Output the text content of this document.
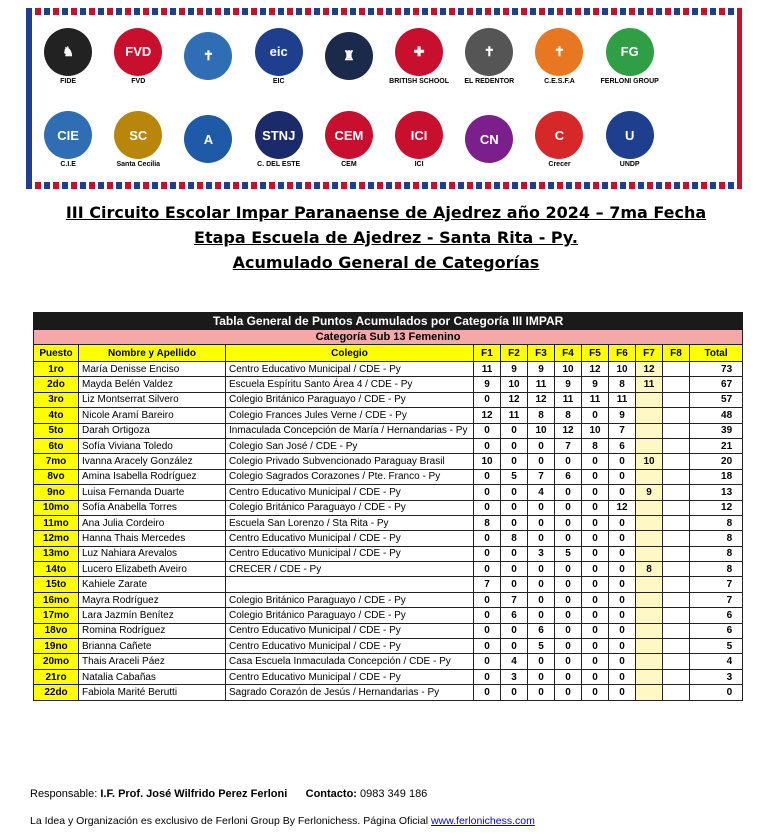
♞
FIDE
FVD
FVD
✝	eic
EIC
♜	✚
BRITISH SCHOOL
✝
EL REDENTOR
✝
C.E.S.F.A
FG
FERLONI GROUP
CIE
C.I.E
SC
Santa Cecilia
A	STNJ
C. DEL ESTE
CEM
CEM
ICI
ICI
CN	C
Crecer
U
UNDP
III Circuito Escolar Impar Paranaense de Ajedrez año 2024 – 7ma Fecha
Etapa Escuela de Ajedrez - Santa Rita - Py.
Acumulado General de Categorías
Tabla General de Puntos Acumulados por Categoría III IMPAR											
Categoría Sub 13 Femenino											
Puesto	Nombre y Apellido	Colegio	F1	F2	F3	F4	F5	F6	F7	F8	Total
1ro	María Denisse Enciso	Centro Educativo Municipal / CDE - Py	11	9	9	10	12	10	12		73
2do	Mayda Belén Valdez	Escuela Espíritu Santo Área 4 / CDE - Py	9	10	11	9	9	8	11		67
3ro	Liz Montserrat Silvero	Colegio Británico Paraguayo / CDE - Py	0	12	12	11	11	11			57
4to	Nicole Aramí Bareiro	Colegio Frances Jules Verne / CDE - Py	12	11	8	8	0	9			48
5to	Darah Ortigoza	Inmaculada Concepción de María / Hernandarias - Py	0	0	10	12	10	7			39
6to	Sofía Viviana Toledo	Colegio San José / CDE - Py	0	0	0	7	8	6			21
7mo	Ivanna Aracely González	Colegio Privado Subvencionado Paraguay Brasil	10	0	0	0	0	0	10		20
8vo	Amina Isabella Rodríguez	Colegio Sagrados Corazones / Pte. Franco - Py	0	5	7	6	0	0			18
9no	Luisa Fernanda Duarte	Centro Educativo Municipal / CDE - Py	0	0	4	0	0	0	9		13
10mo	Sofía Anabella Torres	Colegio Británico Paraguayo / CDE - Py	0	0	0	0	0	12			12
11mo	Ana Julia Cordeiro	Escuela San Lorenzo / Sta Rita - Py	8	0	0	0	0	0			8
12mo	Hanna Thais Mercedes	Centro Educativo Municipal / CDE - Py	0	8	0	0	0	0			8
13mo	Luz Nahiara Arevalos	Centro Educativo Municipal / CDE - Py	0	0	3	5	0	0			8
14to	Lucero Elizabeth Aveiro	CRECER / CDE - Py	0	0	0	0	0	0	8		8
15to	Kahiele Zarate		7	0	0	0	0	0			7
16mo	Mayra Rodríguez	Colegio Británico Paraguayo / CDE - Py	0	7	0	0	0	0			7
17mo	Lara Jazmín Benítez	Colegio Británico Paraguayo / CDE - Py	0	6	0	0	0	0			6
18vo	Romina Rodríguez	Centro Educativo Municipal / CDE - Py	0	0	6	0	0	0			6
19no	Brianna Cañete	Centro Educativo Municipal / CDE - Py	0	0	5	0	0	0			5
20mo	Thais Araceli Páez	Casa Escuela Inmaculada Concepción / CDE - Py	0	4	0	0	0	0			4
21ro	Natalia Cabañas	Centro Educativo Municipal / CDE - Py	0	3	0	0	0	0			3
22do	Fabiola Marité Berutti	Sagrado Corazón de Jesús / Hernandarias - Py	0	0	0	0	0	0			0
Responsable: I.F. Prof. José Wilfrido Perez Ferloni Contacto: 0983 349 186
La Idea y Organización es exclusivo de Ferloni Group By Ferlonichess. Página Oficial www.ferlonichess.com
